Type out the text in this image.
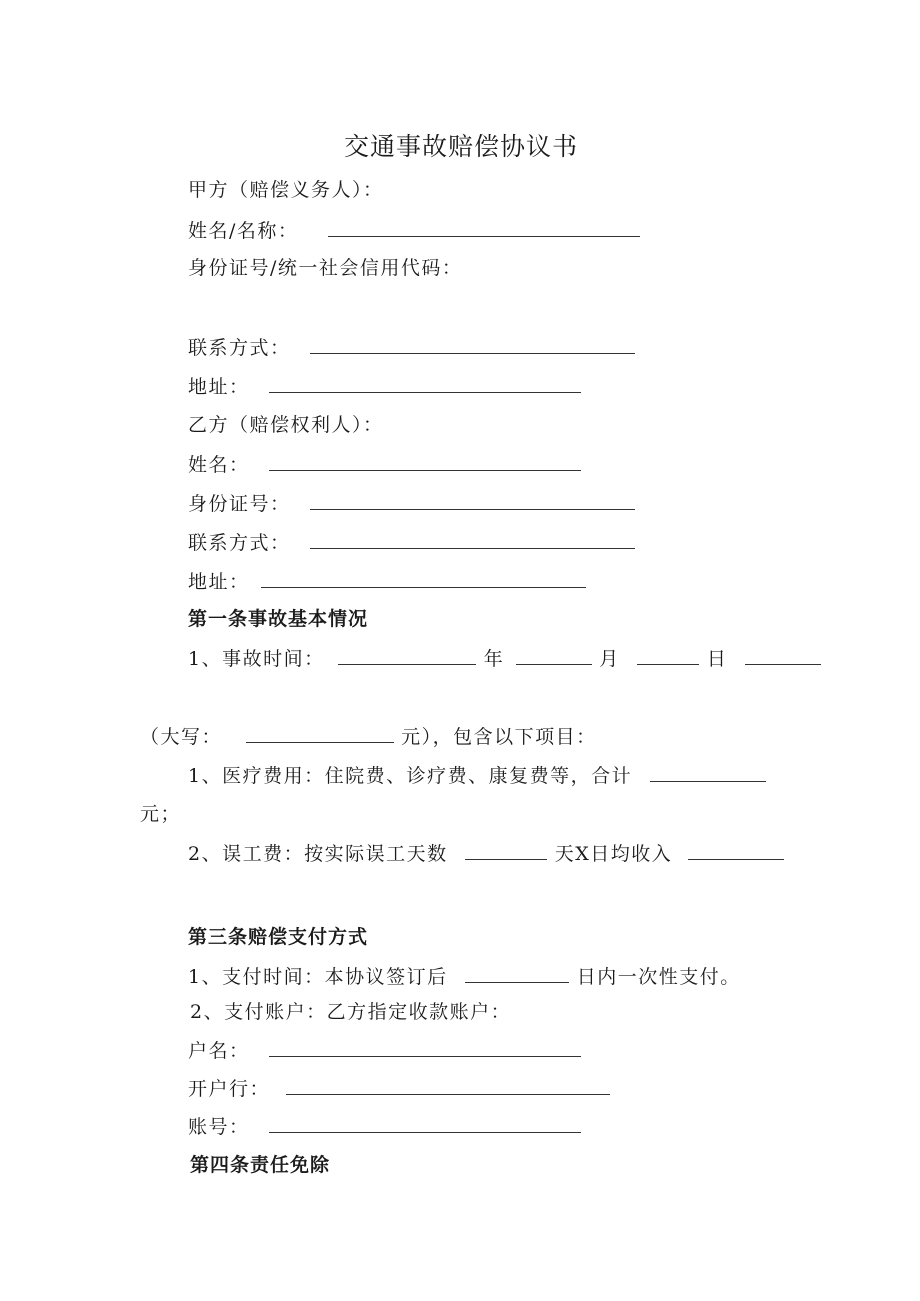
交通事故赔偿协议书
甲方（赔偿义务人）：
姓名/名称：
身份证号/统一社会信用代码：
联系方式：
地址：
乙方（赔偿权利人）：
姓名：
身份证号：
联系方式：
地址：
第一条事故基本情况
1、事故时间：	年	月	日
（大写：	元），包含以下项目：
1、医疗费用：住院费、诊疗费、康复费等，合计
元；
2、误工费：按实际误工天数	天X日均收入
第三条赔偿支付方式
1、支付时间：本协议签订后	日内一次性支付。
2、支付账户：乙方指定收款账户：
户名：
开户行：
账号：
第四条责任免除
